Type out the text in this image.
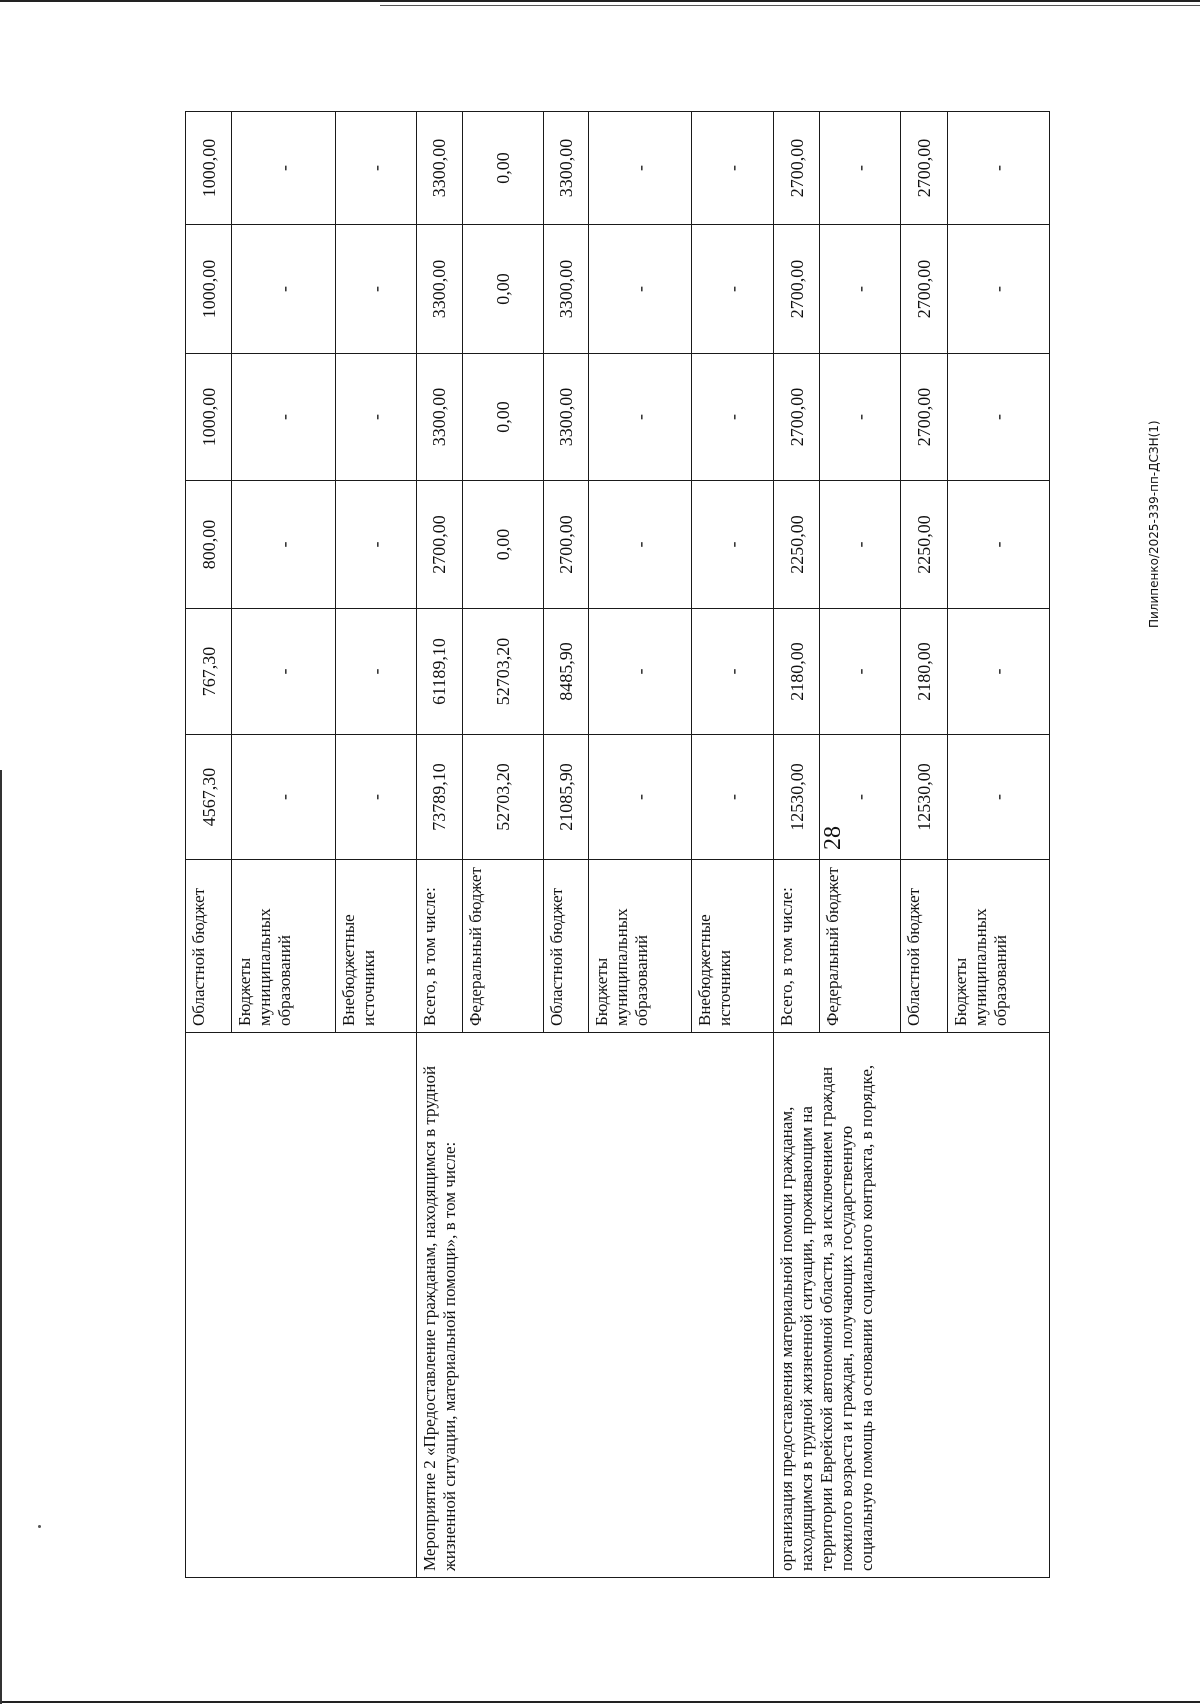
28
Пилипенко/2025-339-пп-ДСЗН(1)
	Областной бюджет	4567,30	767,30	800,00	1000,00	1000,00	1000,00
	Бюджеты муниципальных образований	-	-	-	-	-	-
	Внебюджетные источники	-	-	-	-	-	-
Мероприятие 2 «Предоставление гражданам, находящимся в трудной жизненной ситуации, материальной помощи», в том числе:	Всего, в том числе:	73789,10	61189,10	2700,00	3300,00	3300,00	3300,00
	Федеральный бюджет	52703,20	52703,20	0,00	0,00	0,00	0,00
	Областной бюджет	21085,90	8485,90	2700,00	3300,00	3300,00	3300,00
	Бюджеты муниципальных образований	-	-	-	-	-	-
	Внебюджетные источники	-	-	-	-	-	-
организация предоставления материальной помощи гражданам, находящимся в трудной жизненной ситуации, проживающим на территории Еврейской автономной области, за исключением граждан пожилого возраста и граждан, получающих государственную социальную помощь на основании социального контракта, в порядке,	Всего, в том числе:	12530,00	2180,00	2250,00	2700,00	2700,00	2700,00
	Федеральный бюджет	-	-	-	-	-	-
	Областной бюджет	12530,00	2180,00	2250,00	2700,00	2700,00	2700,00
	Бюджеты муниципальных образований	-	-	-	-	-	-
